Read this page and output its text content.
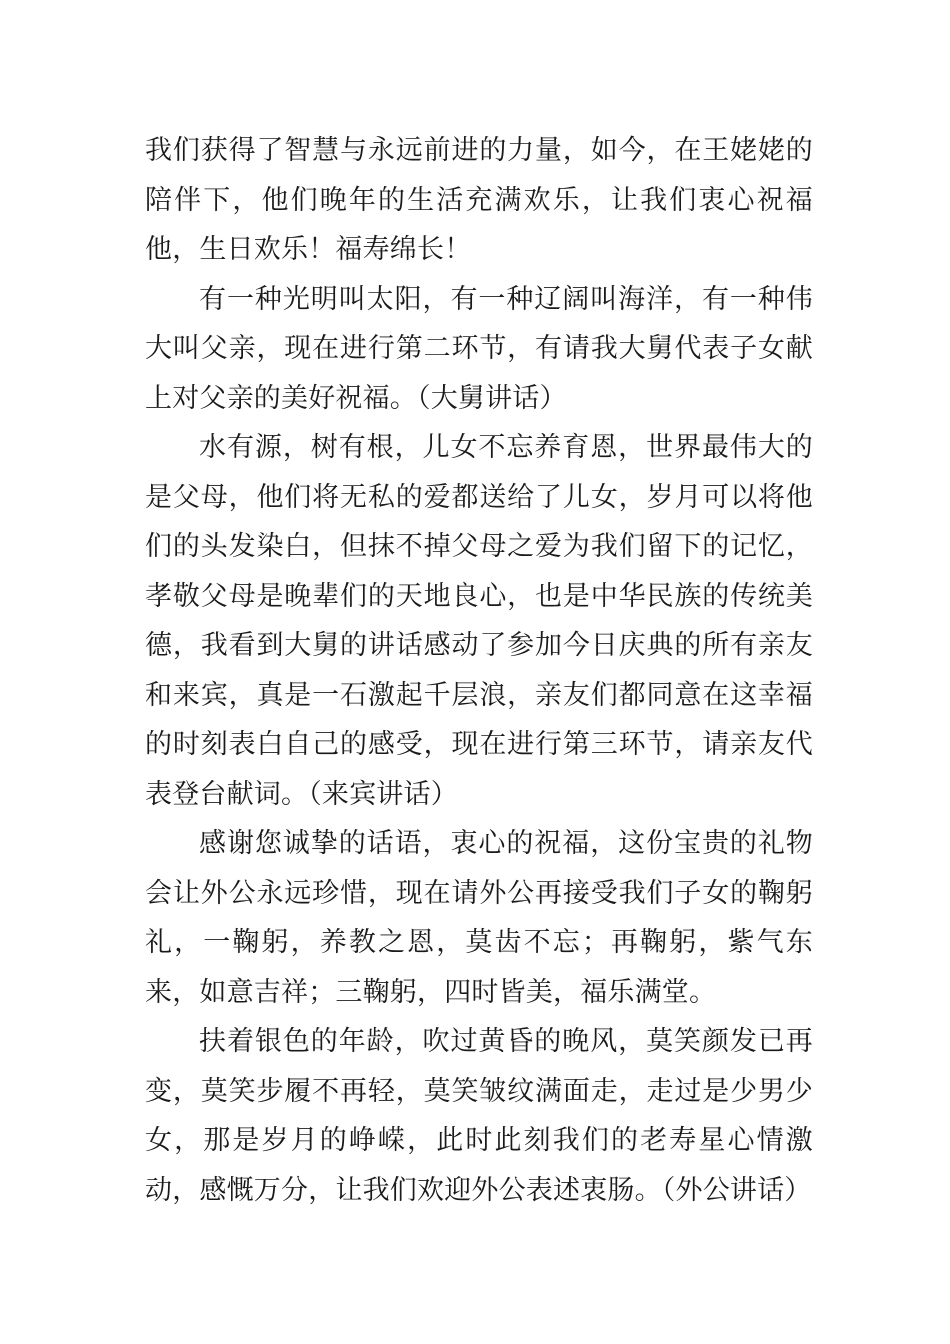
我们获得了智慧与永远前进的力量，如今，在王姥姥的陪伴下，他们晚年的生活充满欢乐，让我们衷心祝福他，生日欢乐！福寿绵长！

有一种光明叫太阳，有一种辽阔叫海洋，有一种伟大叫父亲，现在进行第二环节，有请我大舅代表子女献上对父亲的美好祝福。（大舅讲话）

水有源，树有根，儿女不忘养育恩，世界最伟大的是父母，他们将无私的爱都送给了儿女，岁月可以将他们的头发染白，但抹不掉父母之爱为我们留下的记忆，孝敬父母是晚辈们的天地良心，也是中华民族的传统美德，我看到大舅的讲话感动了参加今日庆典的所有亲友和来宾，真是一石激起千层浪，亲友们都同意在这幸福的时刻表白自己的感受，现在进行第三环节，请亲友代表登台献词。（来宾讲话）

感谢您诚挚的话语，衷心的祝福，这份宝贵的礼物会让外公永远珍惜，现在请外公再接受我们子女的鞠躬礼，一鞠躬，养教之恩，莫齿不忘；再鞠躬，紫气东来，如意吉祥；三鞠躬，四时皆美，福乐满堂。

扶着银色的年龄，吹过黄昏的晚风，莫笑颜发已再变，莫笑步履不再轻，莫笑皱纹满面走，走过是少男少女，那是岁月的峥嵘，此时此刻我们的老寿星心情激动，感慨万分，让我们欢迎外公表述衷肠。（外公讲话）
